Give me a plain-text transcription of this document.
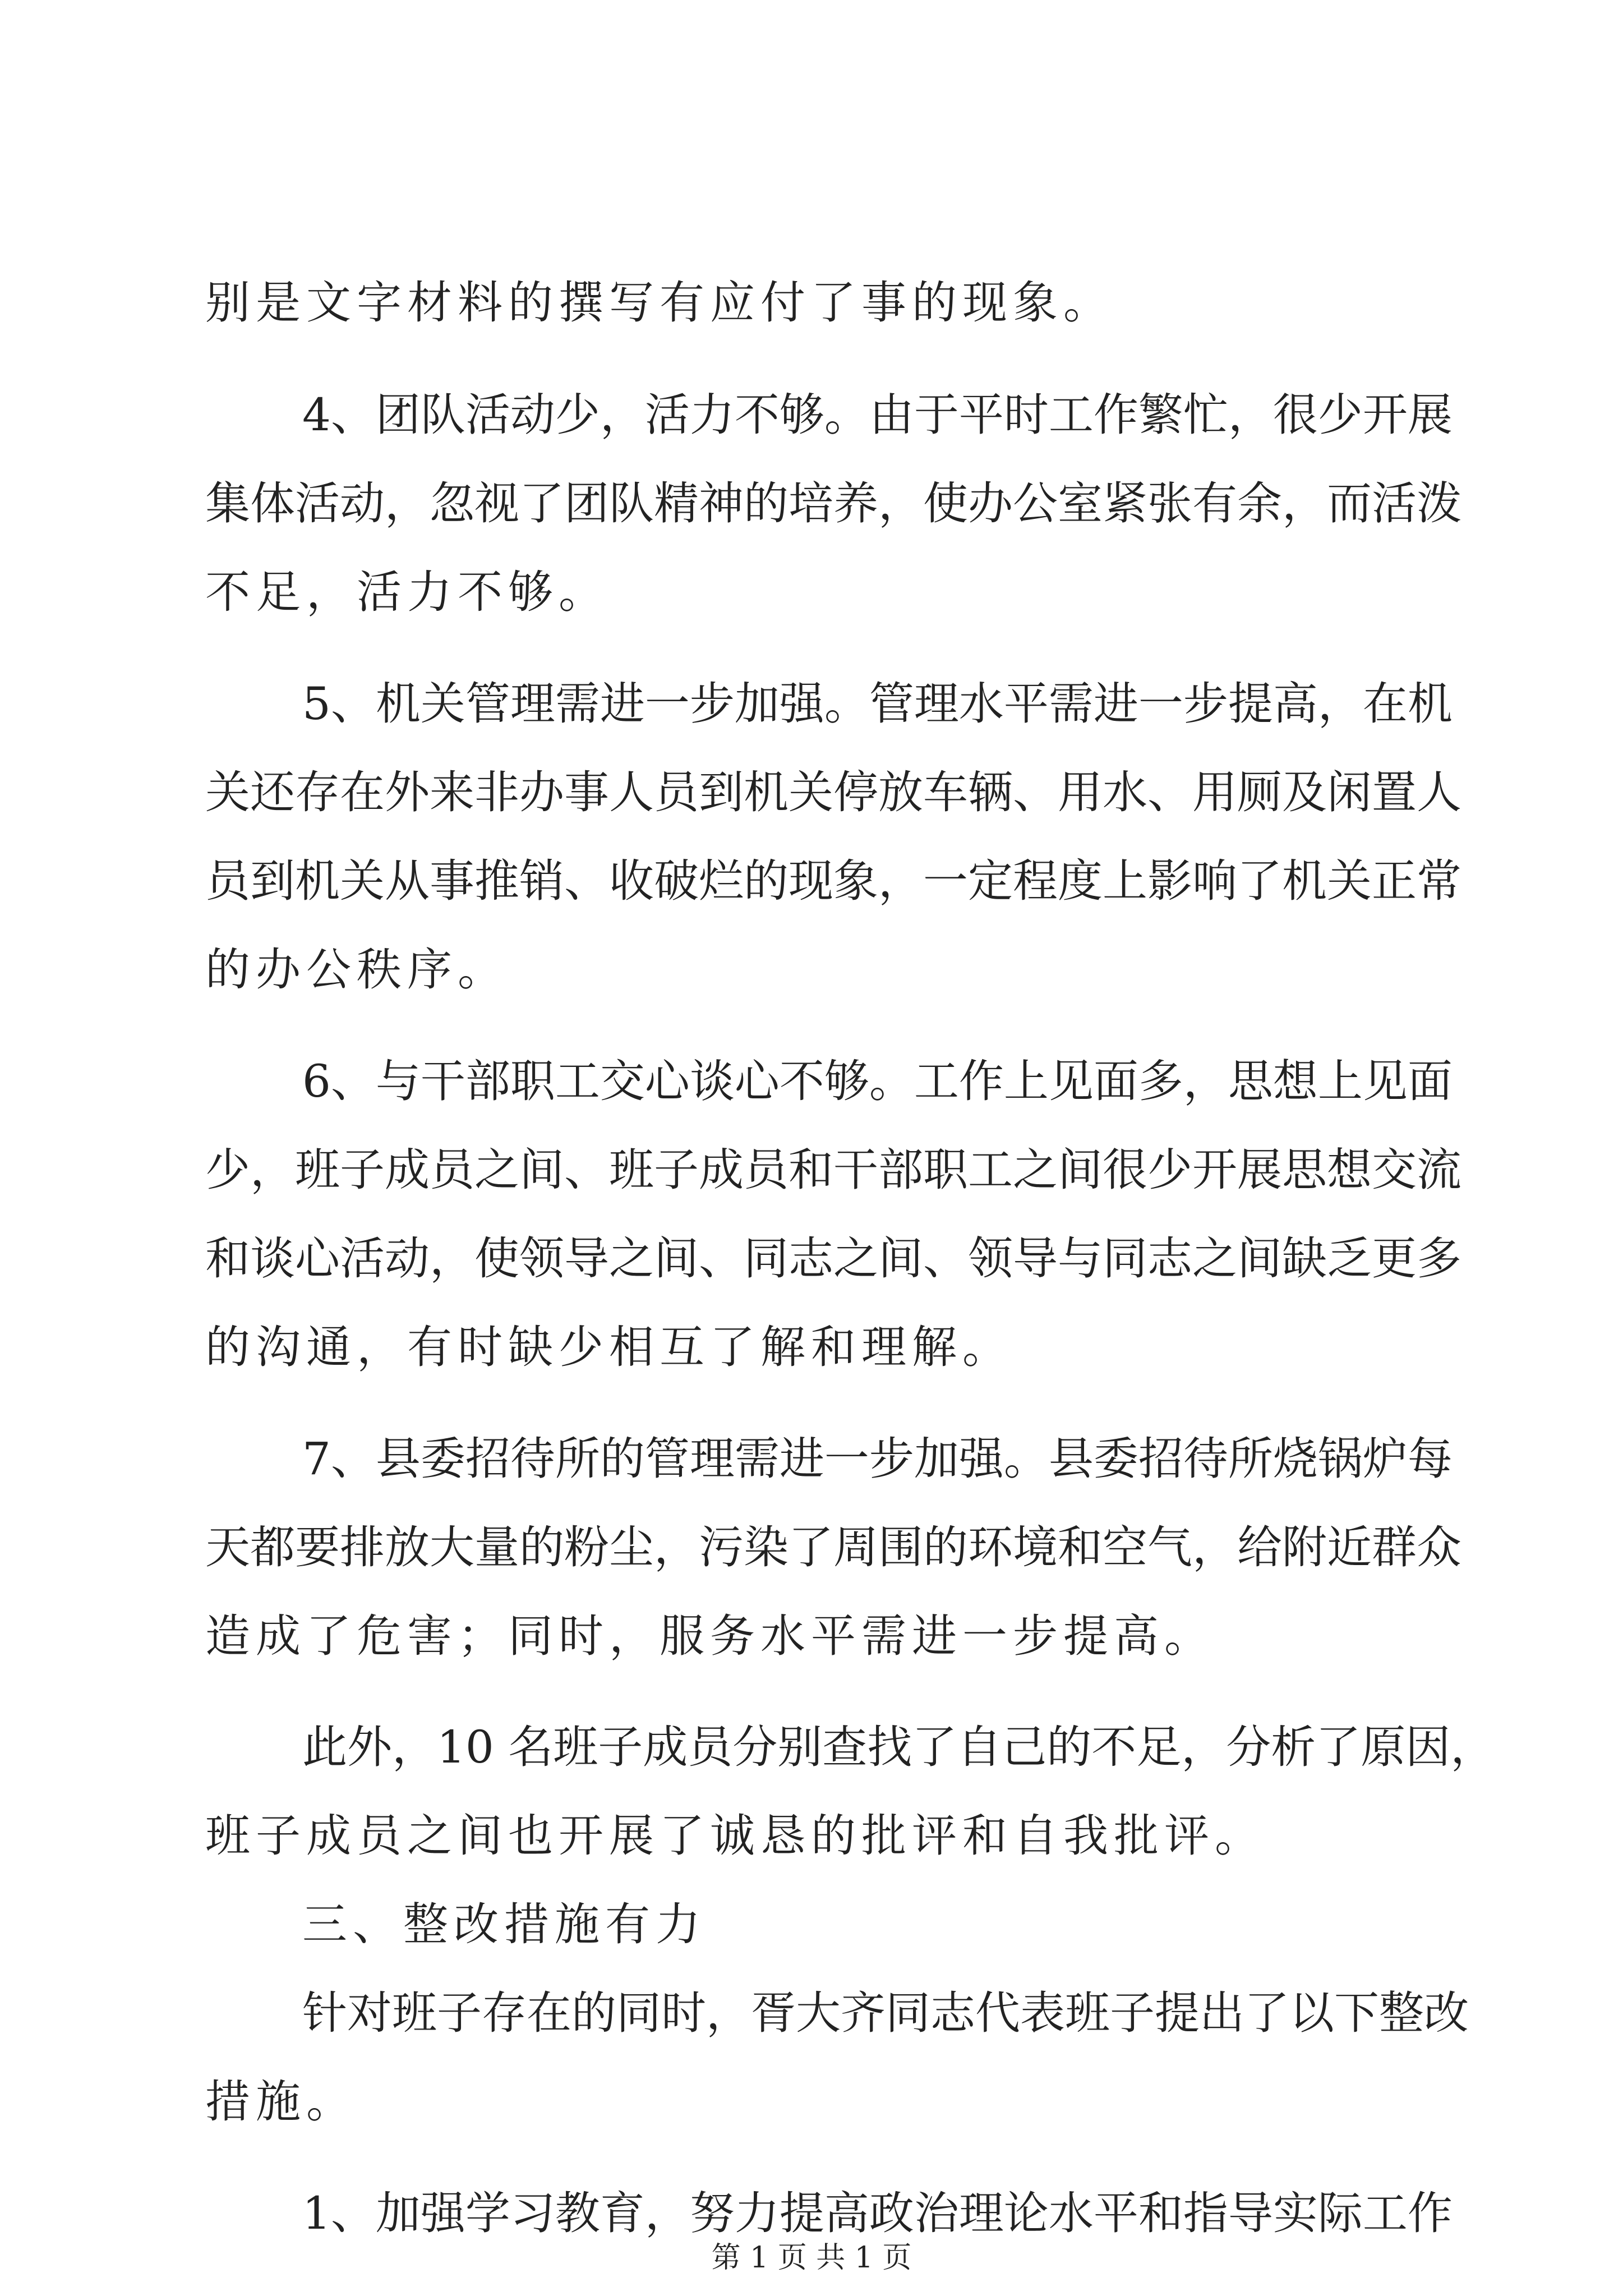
别是文字材料的撰写有应付了事的现象。
4、团队活动少，活力不够。由于平时工作繁忙，很少开展
集体活动，忽视了团队精神的培养，使办公室紧张有余，而活泼
不足，活力不够。
5、机关管理需进一步加强。管理水平需进一步提高，在机
关还存在外来非办事人员到机关停放车辆、用水、用厕及闲置人
员到机关从事推销、收破烂的现象，一定程度上影响了机关正常
的办公秩序。
6、与干部职工交心谈心不够。工作上见面多，思想上见面
少，班子成员之间、班子成员和干部职工之间很少开展思想交流
和谈心活动，使领导之间、同志之间、领导与同志之间缺乏更多
的沟通，有时缺少相互了解和理解。
7、县委招待所的管理需进一步加强。县委招待所烧锅炉每
天都要排放大量的粉尘，污染了周围的环境和空气，给附近群众
造成了危害；同时，服务水平需进一步提高。
此外，10 名班子成员分别查找了自己的不足，分析了原因，
班子成员之间也开展了诚恳的批评和自我批评。
三、整改措施有力
针对班子存在的同时，胥大齐同志代表班子提出了以下整改
措施。
1、加强学习教育，努力提高政治理论水平和指导实际工作
第 1 页 共 1 页
